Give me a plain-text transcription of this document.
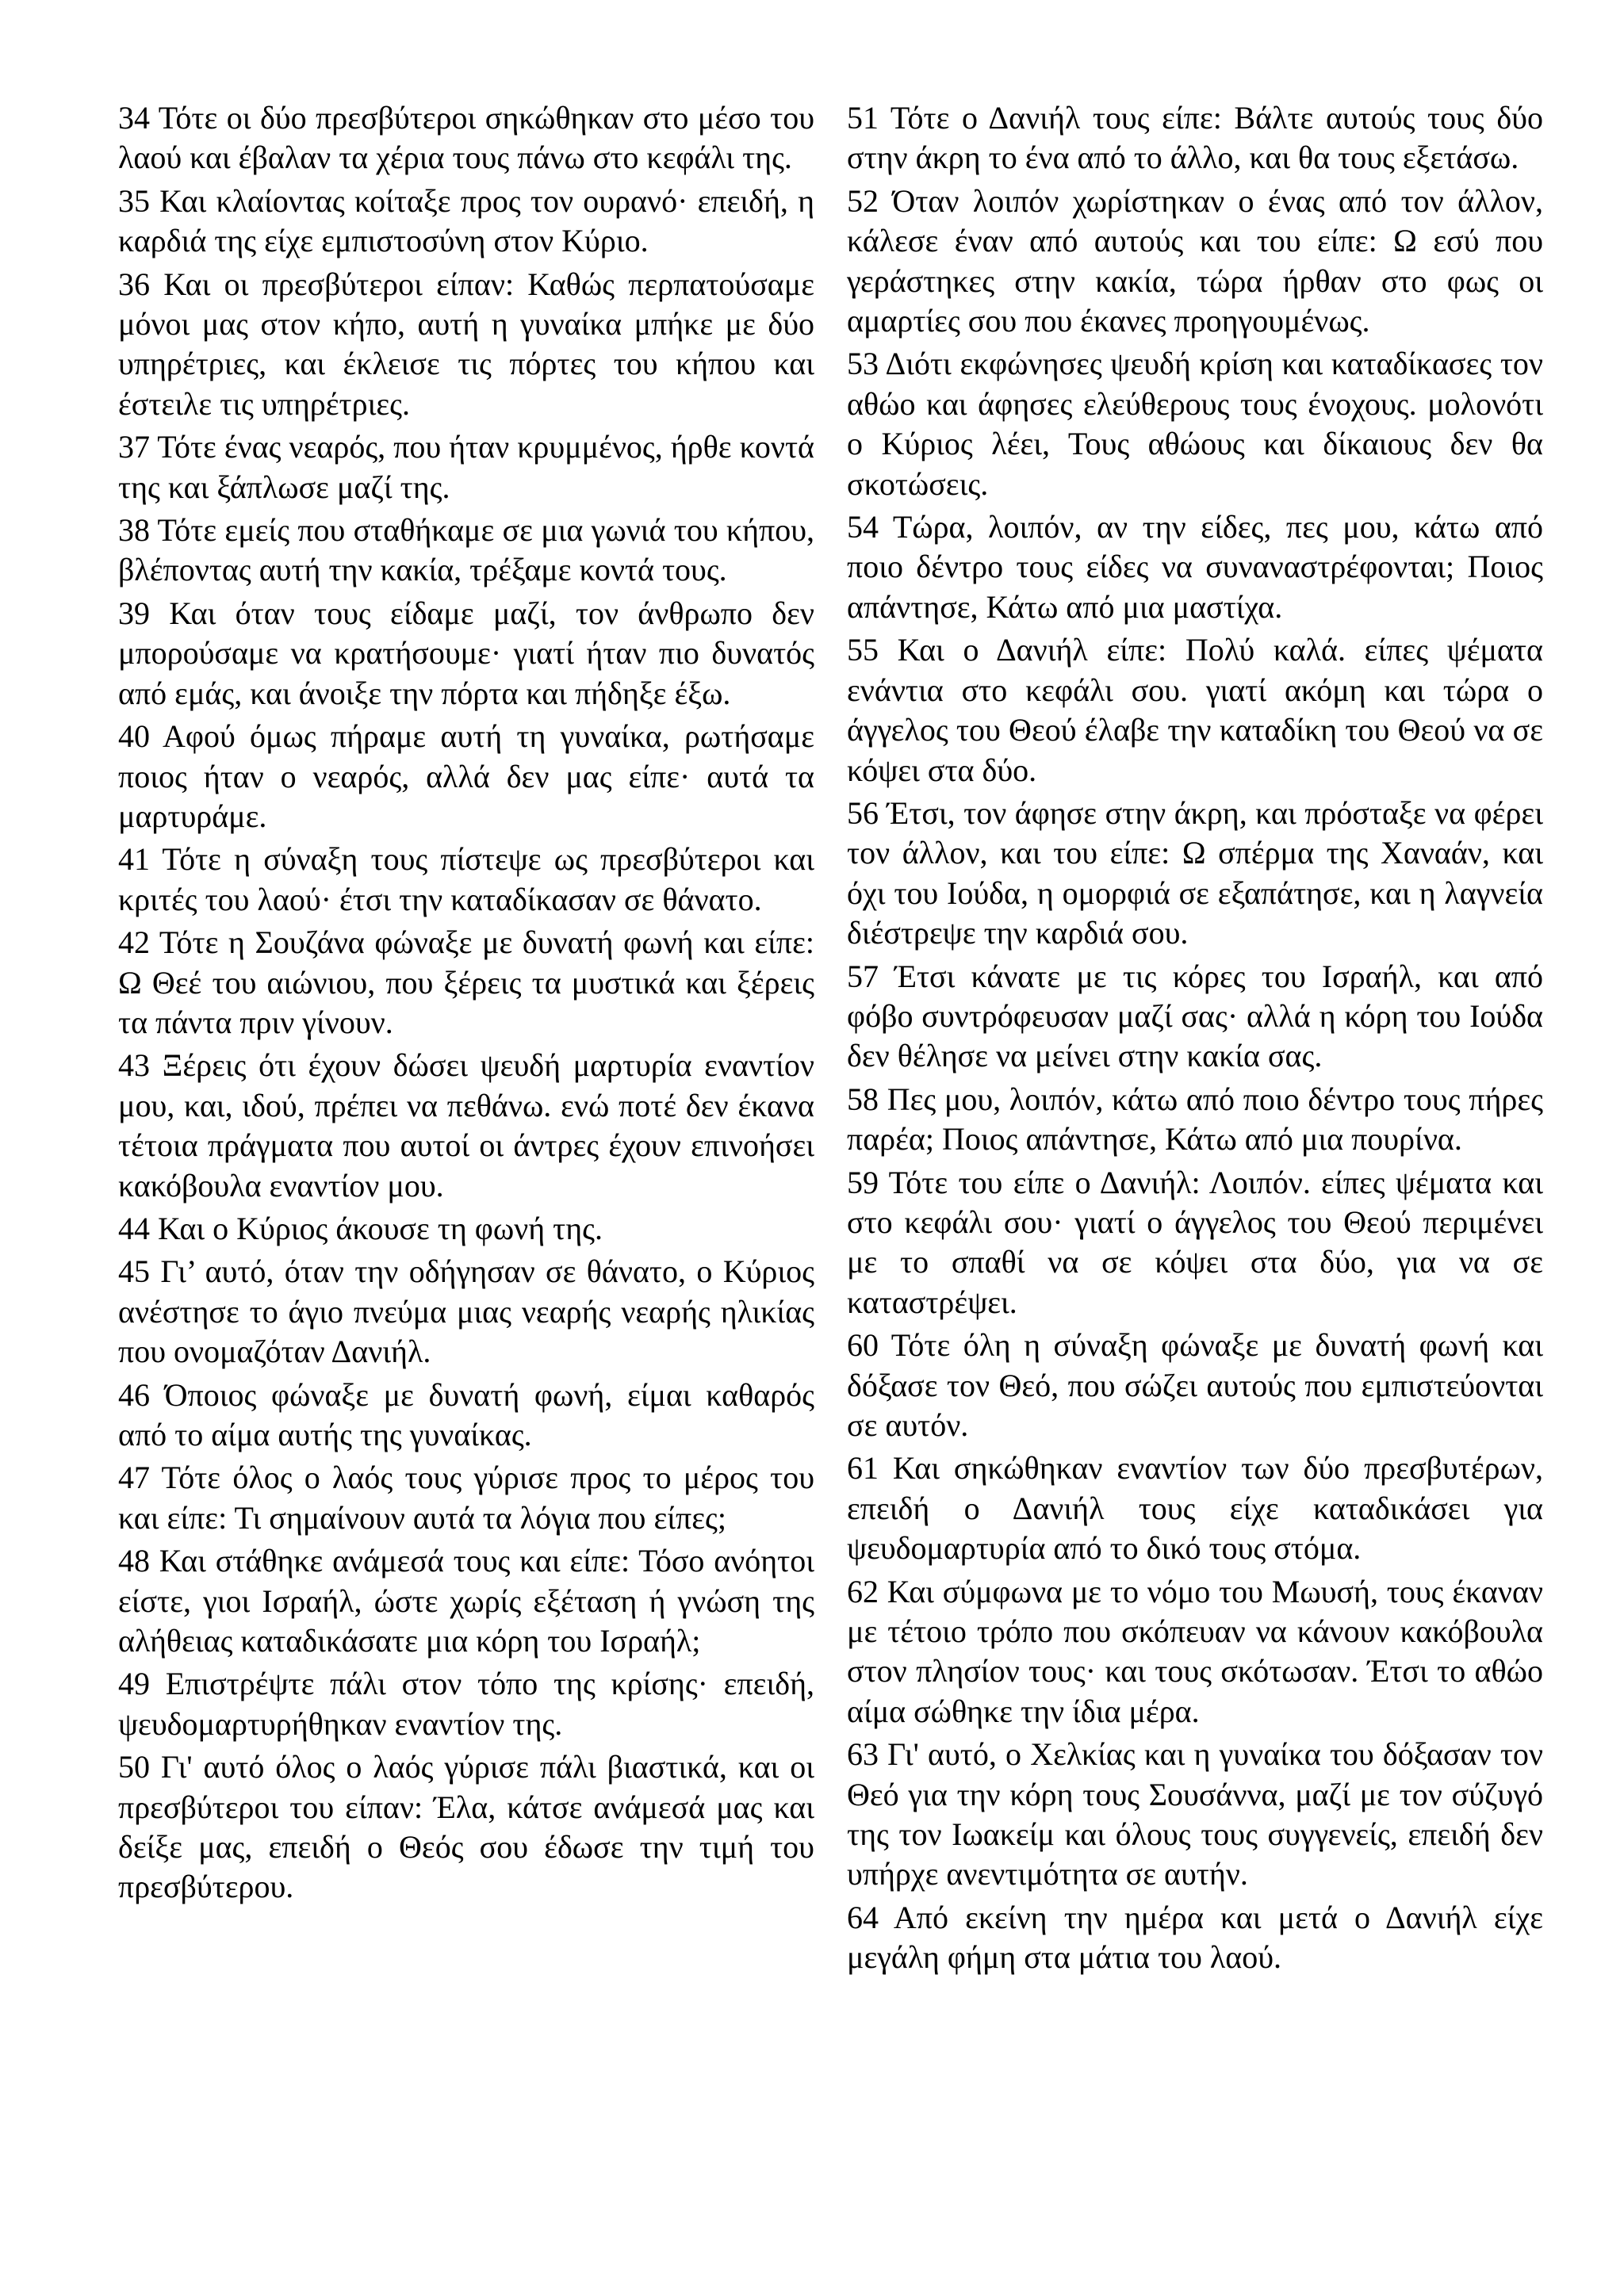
34 Τότε οι δύο πρεσβύτεροι σηκώθηκαν στο μέσο του λαού και έβαλαν τα χέρια τους πάνω στο κεφάλι της.

35 Και κλαίοντας κοίταξε προς τον ουρανό· επειδή, η καρδιά της είχε εμπιστοσύνη στον Κύριο.

36 Και οι πρεσβύτεροι είπαν: Καθώς περπατούσαμε μόνοι μας στον κήπο, αυτή η γυναίκα μπήκε με δύο υπηρέτριες, και έκλεισε τις πόρτες του κήπου και έστειλε τις υπηρέτριες.

37 Τότε ένας νεαρός, που ήταν κρυμμένος, ήρθε κοντά της και ξάπλωσε μαζί της.

38 Τότε εμείς που σταθήκαμε σε μια γωνιά του κήπου, βλέποντας αυτή την κακία, τρέξαμε κοντά τους.

39 Και όταν τους είδαμε μαζί, τον άνθρωπο δεν μπορούσαμε να κρατήσουμε· γιατί ήταν πιο δυνατός από εμάς, και άνοιξε την πόρτα και πήδηξε έξω.

40 Αφού όμως πήραμε αυτή τη γυναίκα, ρωτήσαμε ποιος ήταν ο νεαρός, αλλά δεν μας είπε· αυτά τα μαρτυράμε.

41 Τότε η σύναξη τους πίστεψε ως πρεσβύτεροι και κριτές του λαού· έτσι την καταδίκασαν σε θάνατο.

42 Τότε η Σουζάνα φώναξε με δυνατή φωνή και είπε: Ω Θεέ του αιώνιου, που ξέρεις τα μυστικά και ξέρεις τα πάντα πριν γίνουν.

43 Ξέρεις ότι έχουν δώσει ψευδή μαρτυρία εναντίον μου, και, ιδού, πρέπει να πεθάνω. ενώ ποτέ δεν έκανα τέτοια πράγματα που αυτοί οι άντρες έχουν επινοήσει κακόβουλα εναντίον μου.

44 Και ο Κύριος άκουσε τη φωνή της.

45 Γι’ αυτό, όταν την οδήγησαν σε θάνατο, ο Κύριος ανέστησε το άγιο πνεύμα μιας νεαρής νεαρής ηλικίας που ονομαζόταν Δανιήλ.

46 Όποιος φώναξε με δυνατή φωνή, είμαι καθαρός από το αίμα αυτής της γυναίκας.

47 Τότε όλος ο λαός τους γύρισε προς το μέρος του και είπε: Τι σημαίνουν αυτά τα λόγια που είπες;

48 Και στάθηκε ανάμεσά τους και είπε: Τόσο ανόητοι είστε, γιοι Ισραήλ, ώστε χωρίς εξέταση ή γνώση της αλήθειας καταδικάσατε μια κόρη του Ισραήλ;

49 Επιστρέψτε πάλι στον τόπο της κρίσης· επειδή, ψευδομαρτυρήθηκαν εναντίον της.

50 Γι' αυτό όλος ο λαός γύρισε πάλι βιαστικά, και οι πρεσβύτεροι του είπαν: Έλα, κάτσε ανάμεσά μας και δείξε μας, επειδή ο Θεός σου έδωσε την τιμή του πρεσβύτερου.

51 Τότε ο Δανιήλ τους είπε: Βάλτε αυτούς τους δύο στην άκρη το ένα από το άλλο, και θα τους εξετάσω.

52 Όταν λοιπόν χωρίστηκαν ο ένας από τον άλλον, κάλεσε έναν από αυτούς και του είπε: Ω εσύ που γεράστηκες στην κακία, τώρα ήρθαν στο φως οι αμαρτίες σου που έκανες προηγουμένως.

53 Διότι εκφώνησες ψευδή κρίση και καταδίκασες τον αθώο και άφησες ελεύθερους τους ένοχους. μολονότι ο Κύριος λέει, Τους αθώους και δίκαιους δεν θα σκοτώσεις.

54 Τώρα, λοιπόν, αν την είδες, πες μου, κάτω από ποιο δέντρο τους είδες να συναναστρέφονται; Ποιος απάντησε, Κάτω από μια μαστίχα.

55 Και ο Δανιήλ είπε: Πολύ καλά. είπες ψέματα ενάντια στο κεφάλι σου. γιατί ακόμη και τώρα ο άγγελος του Θεού έλαβε την καταδίκη του Θεού να σε κόψει στα δύο.

56 Έτσι, τον άφησε στην άκρη, και πρόσταξε να φέρει τον άλλον, και του είπε: Ω σπέρμα της Χαναάν, και όχι του Ιούδα, η ομορφιά σε εξαπάτησε, και η λαγνεία διέστρεψε την καρδιά σου.

57 Έτσι κάνατε με τις κόρες του Ισραήλ, και από φόβο συντρόφευσαν μαζί σας· αλλά η κόρη του Ιούδα δεν θέλησε να μείνει στην κακία σας.

58 Πες μου, λοιπόν, κάτω από ποιο δέντρο τους πήρες παρέα; Ποιος απάντησε, Κάτω από μια πουρίνα.

59 Τότε του είπε ο Δανιήλ: Λοιπόν. είπες ψέματα και στο κεφάλι σου· γιατί ο άγγελος του Θεού περιμένει με το σπαθί να σε κόψει στα δύο, για να σε καταστρέψει.

60 Τότε όλη η σύναξη φώναξε με δυνατή φωνή και δόξασε τον Θεό, που σώζει αυτούς που εμπιστεύονται σε αυτόν.

61 Και σηκώθηκαν εναντίον των δύο πρεσβυτέρων, επειδή ο Δανιήλ τους είχε καταδικάσει για ψευδομαρτυρία από το δικό τους στόμα.

62 Και σύμφωνα με το νόμο του Μωυσή, τους έκαναν με τέτοιο τρόπο που σκόπευαν να κάνουν κακόβουλα στον πλησίον τους· και τους σκότωσαν. Έτσι το αθώο αίμα σώθηκε την ίδια μέρα.

63 Γι' αυτό, ο Χελκίας και η γυναίκα του δόξασαν τον Θεό για την κόρη τους Σουσάννα, μαζί με τον σύζυγό της τον Ιωακείμ και όλους τους συγγενείς, επειδή δεν υπήρχε ανεντιμότητα σε αυτήν.

64 Από εκείνη την ημέρα και μετά ο Δανιήλ είχε μεγάλη φήμη στα μάτια του λαού.
